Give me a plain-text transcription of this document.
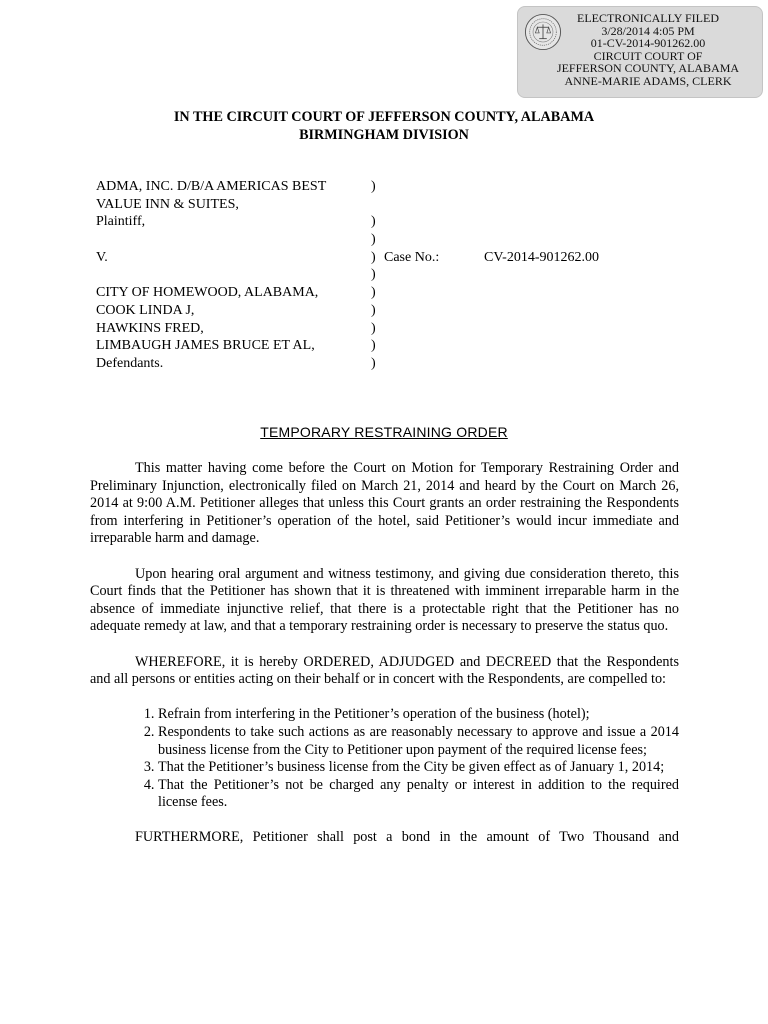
ELECTRONICALLY FILED
3/28/2014 4:05 PM
01-CV-2014-901262.00
CIRCUIT COURT OF
JEFFERSON COUNTY, ALABAMA
ANNE-MARIE ADAMS, CLERK
IN THE CIRCUIT COURT OF JEFFERSON COUNTY, ALABAMA
BIRMINGHAM DIVISION
ADMA, INC. D/B/A AMERICAS BEST	)
VALUE INN & SUITES,
Plaintiff,	)
)
V.	) Case No.:	CV-2014-901262.00
)
CITY OF HOMEWOOD, ALABAMA,	)
COOK LINDA J,	)
HAWKINS FRED,	)
LIMBAUGH JAMES BRUCE ET AL,	)
Defendants.	)
TEMPORARY RESTRAINING ORDER

This matter having come before the Court on Motion for Temporary Restraining Order and Preliminary Injunction, electronically filed on March 21, 2014 and heard by the Court on March 26, 2014 at 9:00 A.M. Petitioner alleges that unless this Court grants an order restraining the Respondents from interfering in Petitioner’s operation of the hotel, said Petitioner’s would incur immediate and irreparable harm and damage.

Upon hearing oral argument and witness testimony, and giving due consideration thereto, this Court finds that the Petitioner has shown that it is threatened with imminent irreparable harm in the absence of immediate injunctive relief, that there is a protectable right that the Petitioner has no adequate remedy at law, and that a temporary restraining order is necessary to preserve the status quo.

WHEREFORE, it is hereby ORDERED, ADJUDGED and DECREED that the Respondents and all persons or entities acting on their behalf or in concert with the Respondents, are compelled to:

1. Refrain from interfering in the Petitioner’s operation of the business (hotel);
2. Respondents to take such actions as are reasonably necessary to approve and issue a 2014 business license from the City to Petitioner upon payment of the required license fees;
3. That the Petitioner’s business license from the City be given effect as of January 1, 2014;
4. That the Petitioner’s not be charged any penalty or interest in addition to the required license fees.

FURTHERMORE, Petitioner shall post a bond in the amount of Two Thousand and
